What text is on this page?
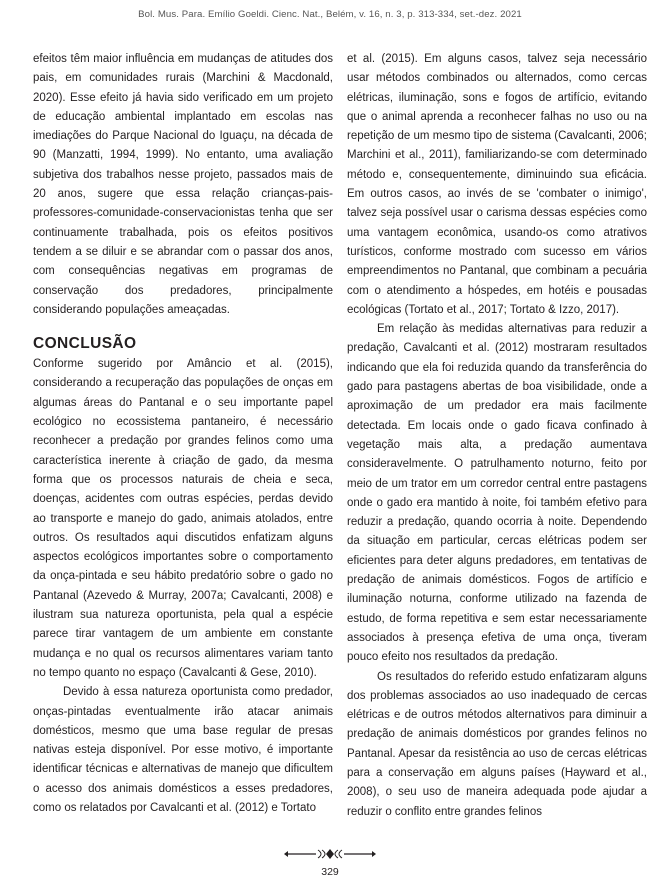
Bol. Mus. Para. Emílio Goeldi. Cienc. Nat., Belém, v. 16, n. 3, p. 313-334, set.-dez. 2021

efeitos têm maior influência em mudanças de atitudes dos pais, em comunidades rurais (Marchini & Macdonald, 2020). Esse efeito já havia sido verificado em um projeto de educação ambiental implantado em escolas nas imediações do Parque Nacional do Iguaçu, na década de 90 (Manzatti, 1994, 1999). No entanto, uma avaliação subjetiva dos trabalhos nesse projeto, passados mais de 20 anos, sugere que essa relação crianças-pais-professores-comunidade-conservacionistas tenha que ser continuamente trabalhada, pois os efeitos positivos tendem a se diluir e se abrandar com o passar dos anos, com consequências negativas em programas de conservação dos predadores, principalmente considerando populações ameaçadas.

CONCLUSÃO

Conforme sugerido por Amâncio et al. (2015), considerando a recuperação das populações de onças em algumas áreas do Pantanal e o seu importante papel ecológico no ecossistema pantaneiro, é necessário reconhecer a predação por grandes felinos como uma característica inerente à criação de gado, da mesma forma que os processos naturais de cheia e seca, doenças, acidentes com outras espécies, perdas devido ao transporte e manejo do gado, animais atolados, entre outros. Os resultados aqui discutidos enfatizam alguns aspectos ecológicos importantes sobre o comportamento da onça-pintada e seu hábito predatório sobre o gado no Pantanal (Azevedo & Murray, 2007a; Cavalcanti, 2008) e ilustram sua natureza oportunista, pela qual a espécie parece tirar vantagem de um ambiente em constante mudança e no qual os recursos alimentares variam tanto no tempo quanto no espaço (Cavalcanti & Gese, 2010).

Devido à essa natureza oportunista como predador, onças-pintadas eventualmente irão atacar animais domésticos, mesmo que uma base regular de presas nativas esteja disponível. Por esse motivo, é importante identificar técnicas e alternativas de manejo que dificultem o acesso dos animais domésticos a esses predadores, como os relatados por Cavalcanti et al. (2012) e Tortato

et al. (2015). Em alguns casos, talvez seja necessário usar métodos combinados ou alternados, como cercas elétricas, iluminação, sons e fogos de artifício, evitando que o animal aprenda a reconhecer falhas no uso ou na repetição de um mesmo tipo de sistema (Cavalcanti, 2006; Marchini et al., 2011), familiarizando-se com determinado método e, consequentemente, diminuindo sua eficácia. Em outros casos, ao invés de se 'combater o inimigo', talvez seja possível usar o carisma dessas espécies como uma vantagem econômica, usando-os como atrativos turísticos, conforme mostrado com sucesso em vários empreendimentos no Pantanal, que combinam a pecuária com o atendimento a hóspedes, em hotéis e pousadas ecológicas (Tortato et al., 2017; Tortato & Izzo, 2017).

Em relação às medidas alternativas para reduzir a predação, Cavalcanti et al. (2012) mostraram resultados indicando que ela foi reduzida quando da transferência do gado para pastagens abertas de boa visibilidade, onde a aproximação de um predador era mais facilmente detectada. Em locais onde o gado ficava confinado à vegetação mais alta, a predação aumentava consideravelmente. O patrulhamento noturno, feito por meio de um trator em um corredor central entre pastagens onde o gado era mantido à noite, foi também efetivo para reduzir a predação, quando ocorria à noite. Dependendo da situação em particular, cercas elétricas podem ser eficientes para deter alguns predadores, em tentativas de predação de animais domésticos. Fogos de artifício e iluminação noturna, conforme utilizado na fazenda de estudo, de forma repetitiva e sem estar necessariamente associados à presença efetiva de uma onça, tiveram pouco efeito nos resultados da predação.

Os resultados do referido estudo enfatizaram alguns dos problemas associados ao uso inadequado de cercas elétricas e de outros métodos alternativos para diminuir a predação de animais domésticos por grandes felinos no Pantanal. Apesar da resistência ao uso de cercas elétricas para a conservação em alguns países (Hayward et al., 2008), o seu uso de maneira adequada pode ajudar a reduzir o conflito entre grandes felinos

329
